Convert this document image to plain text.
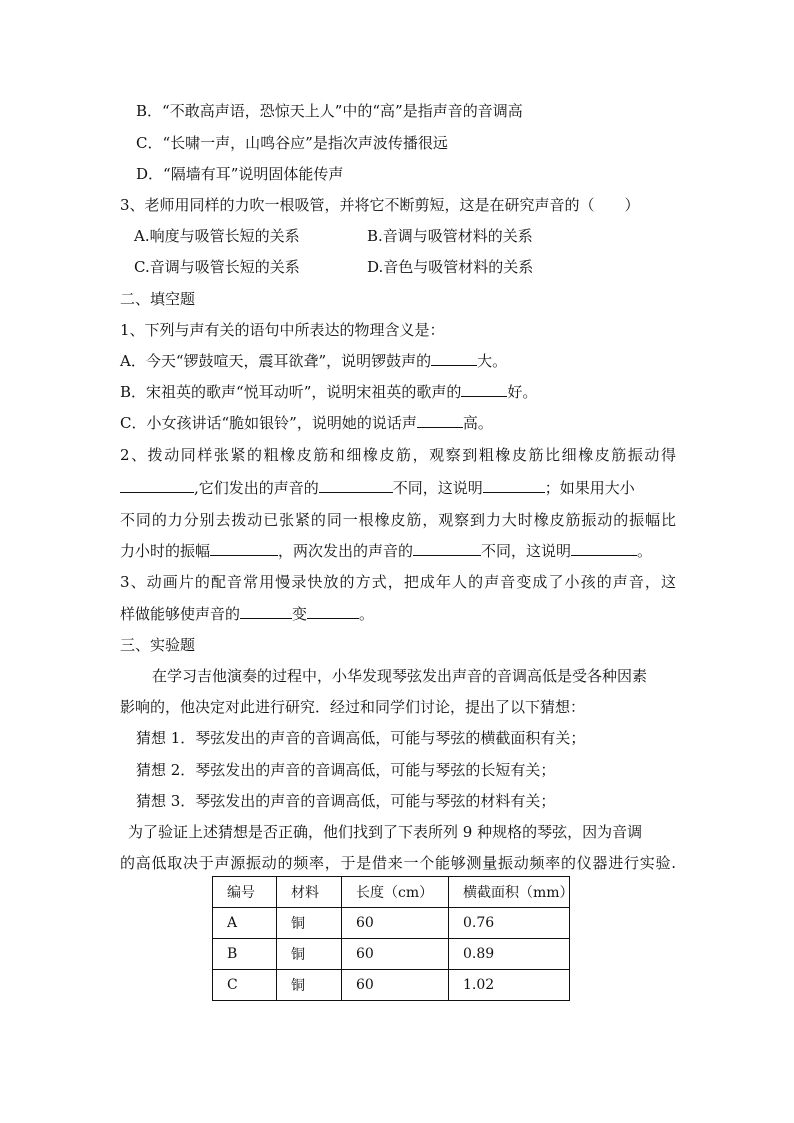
B．“不敢高声语，恐惊天上人”中的“高”是指声音的音调高
C．“长啸一声，山鸣谷应”是指次声波传播很远
D．“隔墙有耳”说明固体能传声
3、老师用同样的力吹一根吸管，并将它不断剪短，这是在研究声音的（　　）
A.响度与吸管长短的关系	B.音调与吸管材料的关系
C.音调与吸管长短的关系	D.音色与吸管材料的关系
二、填空题
1、下列与声有关的语句中所表达的物理含义是：
A．今天“锣鼓喧天，震耳欲聋”，说明锣鼓声的	大。
B．宋祖英的歌声“悦耳动听”，说明宋祖英的歌声的	好。
C．小女孩讲话“脆如银铃”，说明她的说话声	高。
2、拨动同样张紧的粗橡皮筋和细橡皮筋，观察到粗橡皮筋比细橡皮筋振动得
,它们发出的声音的	不同，这说明	；如果用大小
不同的力分别去拨动已张紧的同一根橡皮筋，观察到力大时橡皮筋振动的振幅比
力小时的振幅	，两次发出的声音的	不同，这说明	。
3、动画片的配音常用慢录快放的方式，把成年人的声音变成了小孩的声音，这
样做能够使声音的	变	。
三、实验题
在学习吉他演奏的过程中，小华发现琴弦发出声音的音调高低是受各种因素
影响的，他决定对此进行研究．经过和同学们讨论，提出了以下猜想：
猜想 1．琴弦发出的声音的音调高低，可能与琴弦的横截面积有关；
猜想 2．琴弦发出的声音的音调高低，可能与琴弦的长短有关；
猜想 3．琴弦发出的声音的音调高低，可能与琴弦的材料有关；
为了验证上述猜想是否正确，他们找到了下表所列 9 种规格的琴弦，因为音调
的高低取决于声源振动的频率，于是借来一个能够测量振动频率的仪器进行实验.
编号	材料	长度（cm）	横截面积（mm）
A	铜	60	0.76
B	铜	60	0.89
C	铜	60	1.02
